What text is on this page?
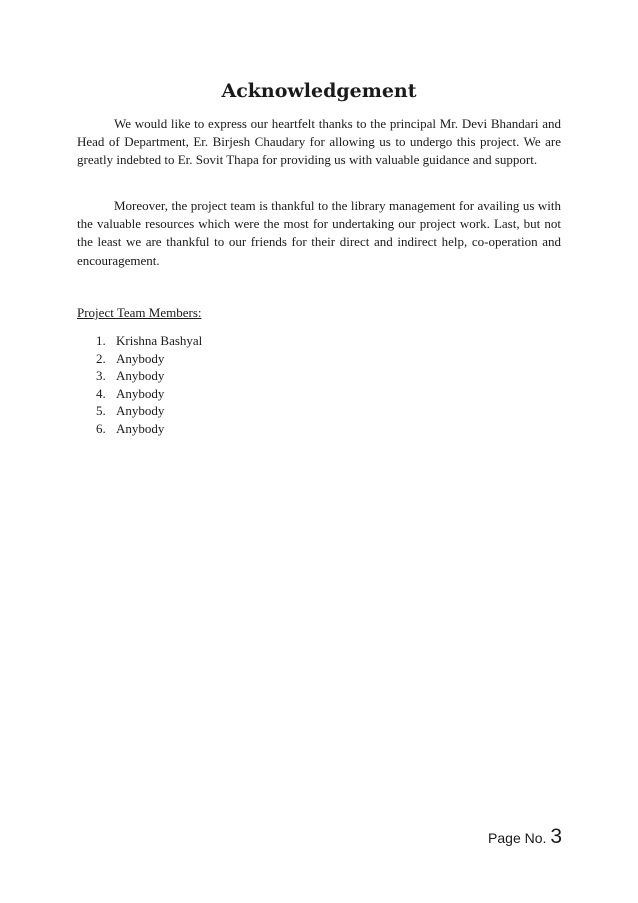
Acknowledgement

We would like to express our heartfelt thanks to the principal Mr. Devi Bhandari and Head of Department, Er. Birjesh Chaudary for allowing us to undergo this project. We are greatly indebted to Er. Sovit Thapa for providing us with valuable guidance and support.

Moreover, the project team is thankful to the library management for availing us with the valuable resources which were the most for undertaking our project work. Last, but not the least we are thankful to our friends for their direct and indirect help, co-operation and encouragement.

Project Team Members:
1. Krishna Bashyal
2. Anybody
3. Anybody
4. Anybody
5. Anybody
6. Anybody
Page No. 3
